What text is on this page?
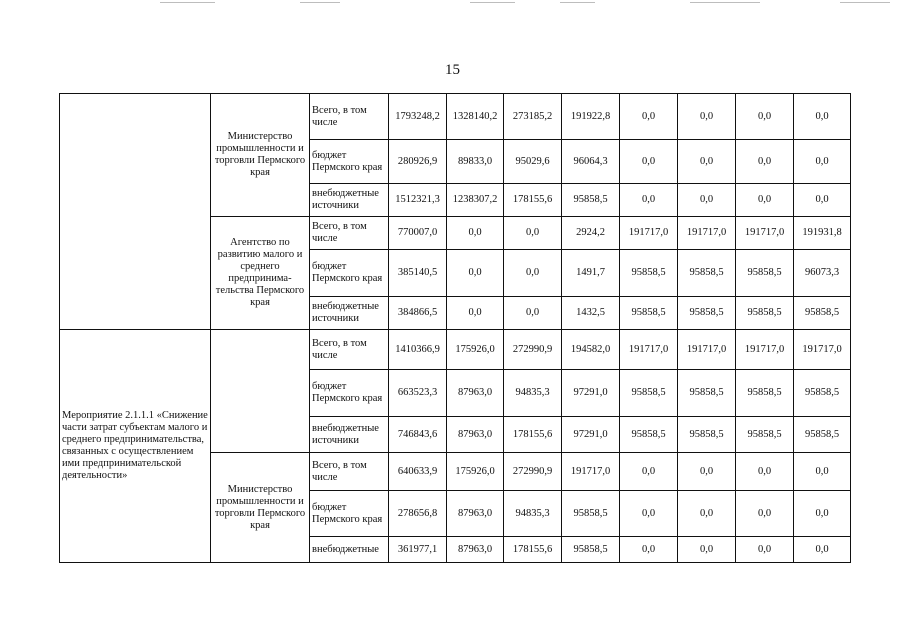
15
	Министерство промышленности и торговли Пермского края	Всего, в том числе	1793248,2	1328140,2	273185,2	191922,8	0,0	0,0	0,0	0,0
		бюджет Пермского края	280926,9	89833,0	95029,6	96064,3	0,0	0,0	0,0	0,0
		внебюджетные источники	1512321,3	1238307,2	178155,6	95858,5	0,0	0,0	0,0	0,0
	Агентство по развитию малого и среднего предпринима-тельства Пермского края	Всего, в том числе	770007,0	0,0	0,0	2924,2	191717,0	191717,0	191717,0	191931,8
		бюджет Пермского края	385140,5	0,0	0,0	1491,7	95858,5	95858,5	95858,5	96073,3
		внебюджетные источники	384866,5	0,0	0,0	1432,5	95858,5	95858,5	95858,5	95858,5
Мероприятие 2.1.1.1 «Снижение части затрат субъектам малого и среднего предпринимательства, связанных с осуществлением ими предпринимательской деятельности»		Всего, в том числе	1410366,9	175926,0	272990,9	194582,0	191717,0	191717,0	191717,0	191717,0
		бюджет Пермского края	663523,3	87963,0	94835,3	97291,0	95858,5	95858,5	95858,5	95858,5
		внебюджетные источники	746843,6	87963,0	178155,6	97291,0	95858,5	95858,5	95858,5	95858,5
	Министерство промышленности и торговли Пермского края	Всего, в том числе	640633,9	175926,0	272990,9	191717,0	0,0	0,0	0,0	0,0
		бюджет Пермского края	278656,8	87963,0	94835,3	95858,5	0,0	0,0	0,0	0,0
		внебюджетные	361977,1	87963,0	178155,6	95858,5	0,0	0,0	0,0	0,0
